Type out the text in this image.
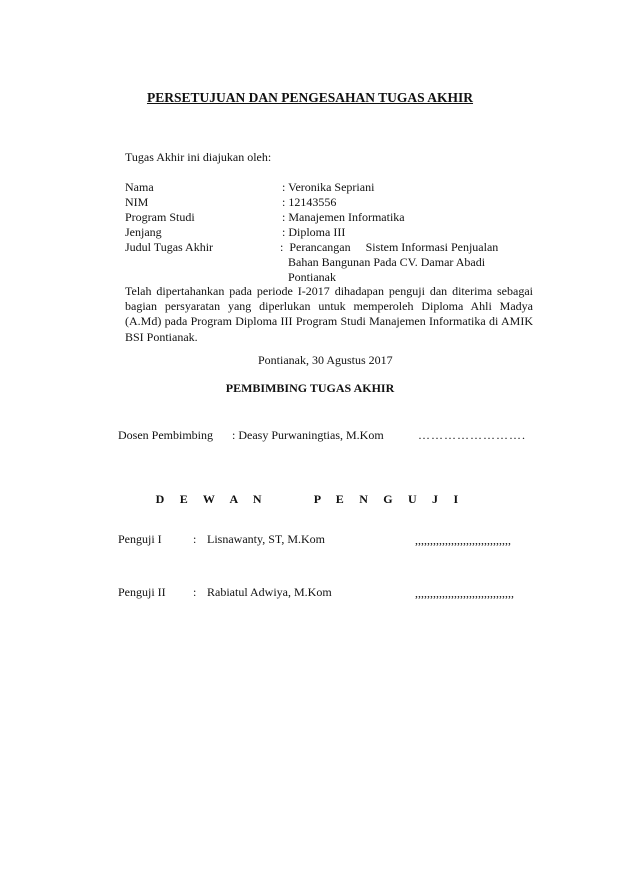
PERSETUJUAN DAN PENGESAHAN TUGAS AKHIR
Tugas Akhir ini diajukan oleh:
Nama	: Veronika Sepriani
NIM	: 12143556
Program Studi	: Manajemen Informatika
Jenjang	: Diploma III
Judul Tugas Akhir	:  Perancangan     Sistem Informasi Penjualan
Bahan Bangunan Pada CV. Damar Abadi
Pontianak
Telah dipertahankan pada periode I-2017 dihadapan penguji dan diterima sebagai bagian persyaratan yang diperlukan untuk memperoleh Diploma Ahli Madya (A.Md) pada Program Diploma III Program Studi Manajemen Informatika di AMIK BSI Pontianak.
Pontianak, 30 Agustus 2017
PEMBIMBING TUGAS AKHIR
Dosen Pembimbing : Deasy Purwaningtias, M.Kom	…………………….
D E W A N     P E N G U J I
Penguji I	: Lisnawanty, ST, M.Kom	,,,,,,,,,,,,,,,,,,,,,,,,,,,,,,,,
Penguji II : Rabiatul Adwiya, M.Kom	,,,,,,,,,,,,,,,,,,,,,,,,,,,,,,,,,
